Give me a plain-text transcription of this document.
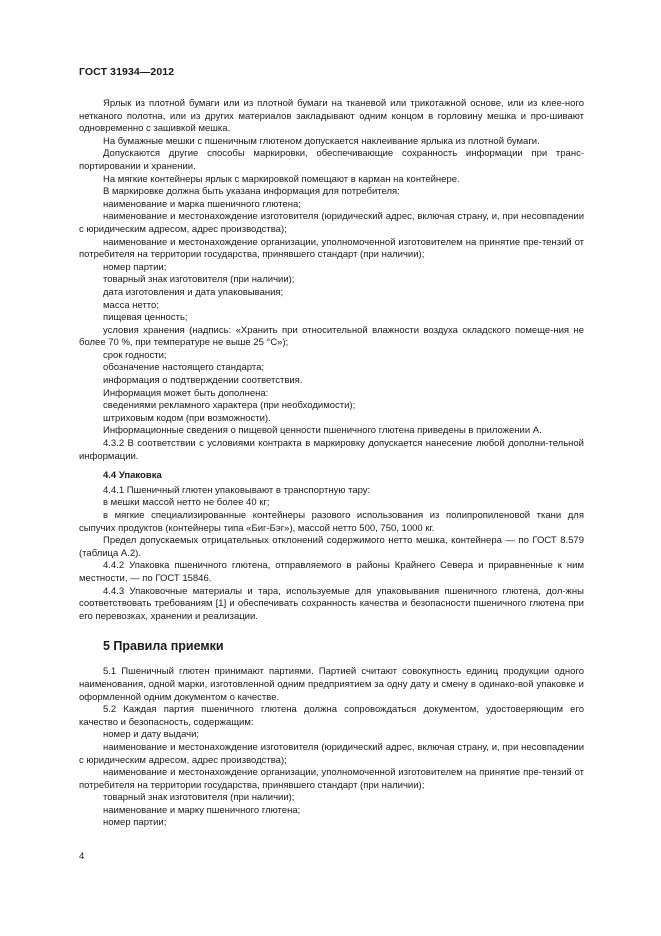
ГОСТ 31934—2012

Ярлык из плотной бумаги или из плотной бумаги на тканевой или трикотажной основе, или из клее-ного нетканого полотна, или из других материалов закладывают одним концом в горловину мешка и про-шивают одновременно с зашивкой мешка.

На бумажные мешки с пшеничным глютеном допускается наклеивание ярлыка из плотной бумаги.

Допускаются другие способы маркировки, обеспечивающие сохранность информации при транс-портировании и хранении.

На мягкие контейнеры ярлык с маркировкой помещают в карман на контейнере.

В маркировке должна быть указана информация для потребителя:

наименование и марка пшеничного глютена;

наименование и местонахождение изготовителя (юридический адрес, включая страну, и, при несовпадении с юридическим адресом, адрес производства);

наименование и местонахождение организации, уполномоченной изготовителем на принятие пре-тензий от потребителя на территории государства, принявшего стандарт (при наличии);

номер партии;

товарный знак изготовителя (при наличии);

дата изготовления и дата упаковывания;

масса нетто;

пищевая ценность;

условия хранения (надпись: «Хранить при относительной влажности воздуха складского помеще-ния не более 70 %, при температуре не выше 25 °С»);

срок годности;

обозначение настоящего стандарта;

информация о подтверждении соответствия.

Информация может быть дополнена:

сведениями рекламного характера (при необходимости);

штриховым кодом (при возможности).

Информационные сведения о пищевой ценности пшеничного глютена приведены в приложении А.

4.3.2 В соответствии с условиями контракта в маркировку допускается нанесение любой дополни-тельной информации.

4.4 Упаковка

4.4.1 Пшеничный глютен упаковывают в транспортную тару:

в мешки массой нетто не более 40 кг;

в мягкие специализированные контейнеры разового использования из полипропиленовой ткани для сыпучих продуктов (контейнеры типа «Биг-Бэг»), массой нетто 500, 750, 1000 кг.

Предел допускаемых отрицательных отклонений содержимого нетто мешка, контейнера — по ГОСТ 8.579 (таблица А.2).

4.4.2 Упаковка пшеничного глютена, отправляемого в районы Крайнего Севера и приравненные к ним местности, — по ГОСТ 15846.

4.4.3 Упаковочные материалы и тара, используемые для упаковывания пшеничного глютена, дол-жны соответствовать требованиям [1] и обеспечивать сохранность качества и безопасности пшеничного глютена при его перевозках, хранении и реализации.

5 Правила приемки

5.1 Пшеничный глютен принимают партиями. Партией считают совокупность единиц продукции одного наименования, одной марки, изготовленной одним предприятием за одну дату и смену в одинако-вой упаковке и оформленной одним документом о качестве.

5.2 Каждая партия пшеничного глютена должна сопровождаться документом, удостоверяющим его качество и безопасность, содержащим:

номер и дату выдачи;

наименование и местонахождение изготовителя (юридический адрес, включая страну, и, при несовпадении с юридическим адресом, адрес производства);

наименование и местонахождение организации, уполномоченной изготовителем на принятие пре-тензий от потребителя на территории государства, принявшего стандарт (при наличии);

товарный знак изготовителя (при наличии);

наименование и марку пшеничного глютена;

номер партии;

4
